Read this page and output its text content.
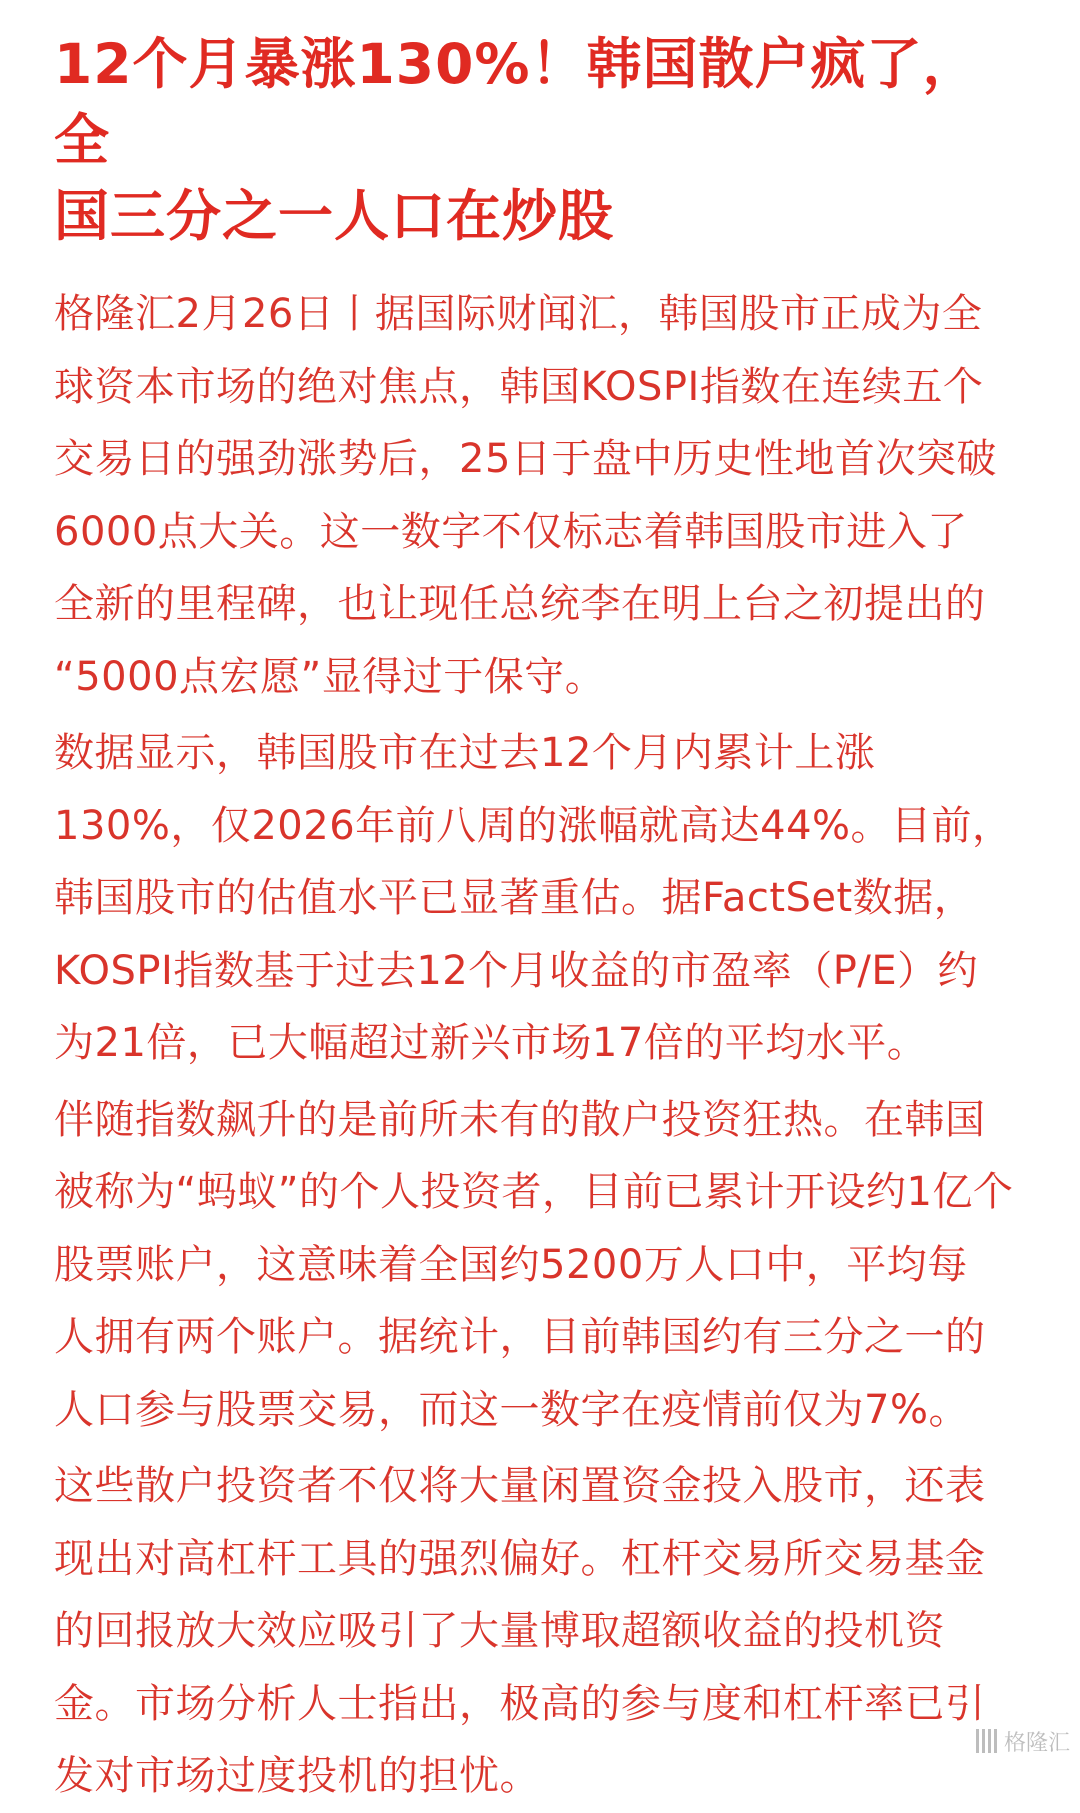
12个月暴涨130%！韩国散户疯了，全
国三分之一人口在炒股

格隆汇2月26日丨据国际财闻汇，韩国股市正成为全
球资本市场的绝对焦点，韩国KOSPI指数在连续五个
交易日的强劲涨势后，25日于盘中历史性地首次突破
6000点大关。这一数字不仅标志着韩国股市进入了
全新的里程碑，也让现任总统李在明上台之初提出的
“5000点宏愿”显得过于保守。

数据显示，韩国股市在过去12个月内累计上涨
130%，仅2026年前八周的涨幅就高达44%。目前，
韩国股市的估值水平已显著重估。据FactSet数据，
KOSPI指数基于过去12个月收益的市盈率（P/E）约
为21倍，已大幅超过新兴市场17倍的平均水平。

伴随指数飙升的是前所未有的散户投资狂热。在韩国
被称为“蚂蚁”的个人投资者，目前已累计开设约1亿个
股票账户，这意味着全国约5200万人口中，平均每
人拥有两个账户。据统计，目前韩国约有三分之一的
人口参与股票交易，而这一数字在疫情前仅为7%。

这些散户投资者不仅将大量闲置资金投入股市，还表
现出对高杠杆工具的强烈偏好。杠杆交易所交易基金
的回报放大效应吸引了大量博取超额收益的投机资
金。市场分析人士指出，极高的参与度和杠杆率已引
发对市场过度投机的担忧。

格隆汇
